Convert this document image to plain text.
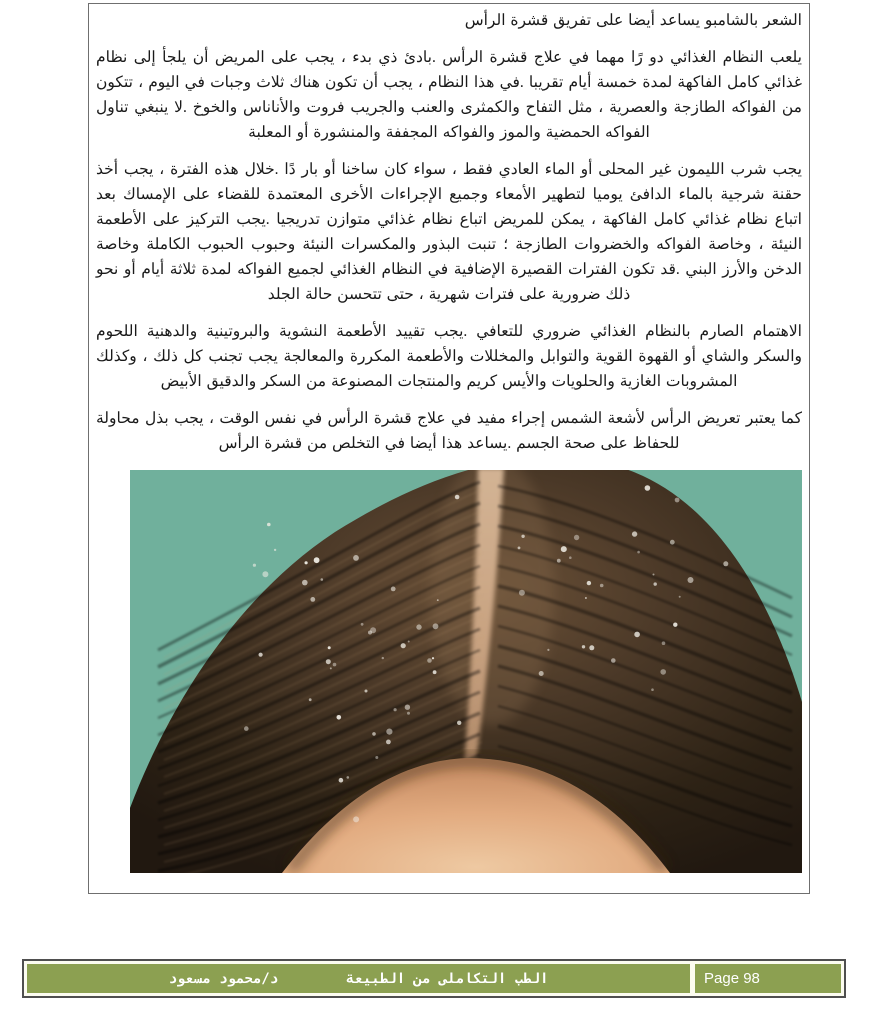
الشعر بالشامبو يساعد أيضا على تفريق قشرة الرأس

يلعب النظام الغذائي دو رًا مهما في علاج قشرة الرأس .بادئ ذي بدء ، يجب على المريض أن يلجأ إلى نظام غذائي كامل الفاكهة لمدة خمسة أيام تقريبا .في هذا النظام ، يجب أن تكون هناك ثلاث وجبات في اليوم ، تتكون من الفواكه الطازجة والعصرية ، مثل التفاح والكمثرى والعنب والجريب فروت والأناناس والخوخ .لا ينبغي تناول الفواكه الحمضية والموز والفواكه المجففة والمنشورة أو المعلبة

يجب شرب الليمون غير المحلى أو الماء العادي فقط ، سواء كان ساخنا أو بار دًا .خلال هذه الفترة ، يجب أخذ حقنة شرجية بالماء الدافئ يوميا لتطهير الأمعاء وجميع الإجراءات الأخرى المعتمدة للقضاء على الإمساك بعد اتباع نظام غذائي كامل الفاكهة ، يمكن للمريض اتباع نظام غذائي متوازن تدريجيا .يجب التركيز على الأطعمة النيئة ، وخاصة الفواكه والخضروات الطازجة ؛ تنبت البذور والمكسرات النيئة وحبوب الحبوب الكاملة وخاصة الدخن والأرز البني .قد تكون الفترات القصيرة الإضافية في النظام الغذائي لجميع الفواكه لمدة ثلاثة أيام أو نحو ذلك ضرورية على فترات شهرية ، حتى تتحسن حالة الجلد

الاهتمام الصارم بالنظام الغذائي ضروري للتعافي .يجب تقييد الأطعمة النشوية والبروتينية والدهنية اللحوم والسكر والشاي أو القهوة القوية والتوابل والمخللات والأطعمة المكررة والمعالجة يجب تجنب كل ذلك ، وكذلك المشروبات الغازية والحلويات والأيس كريم والمنتجات المصنوعة من السكر والدقيق الأبيض

كما يعتبر تعريض الرأس لأشعة الشمس إجراء مفيد في علاج قشرة الرأس في نفس الوقت ، يجب بذل محاولة للحفاظ على صحة الجسم .يساعد هذا أيضا في التخلص من قشرة الرأس

الطب التكاملى من الطبيعة
د/محمود مسعود	Page 98
